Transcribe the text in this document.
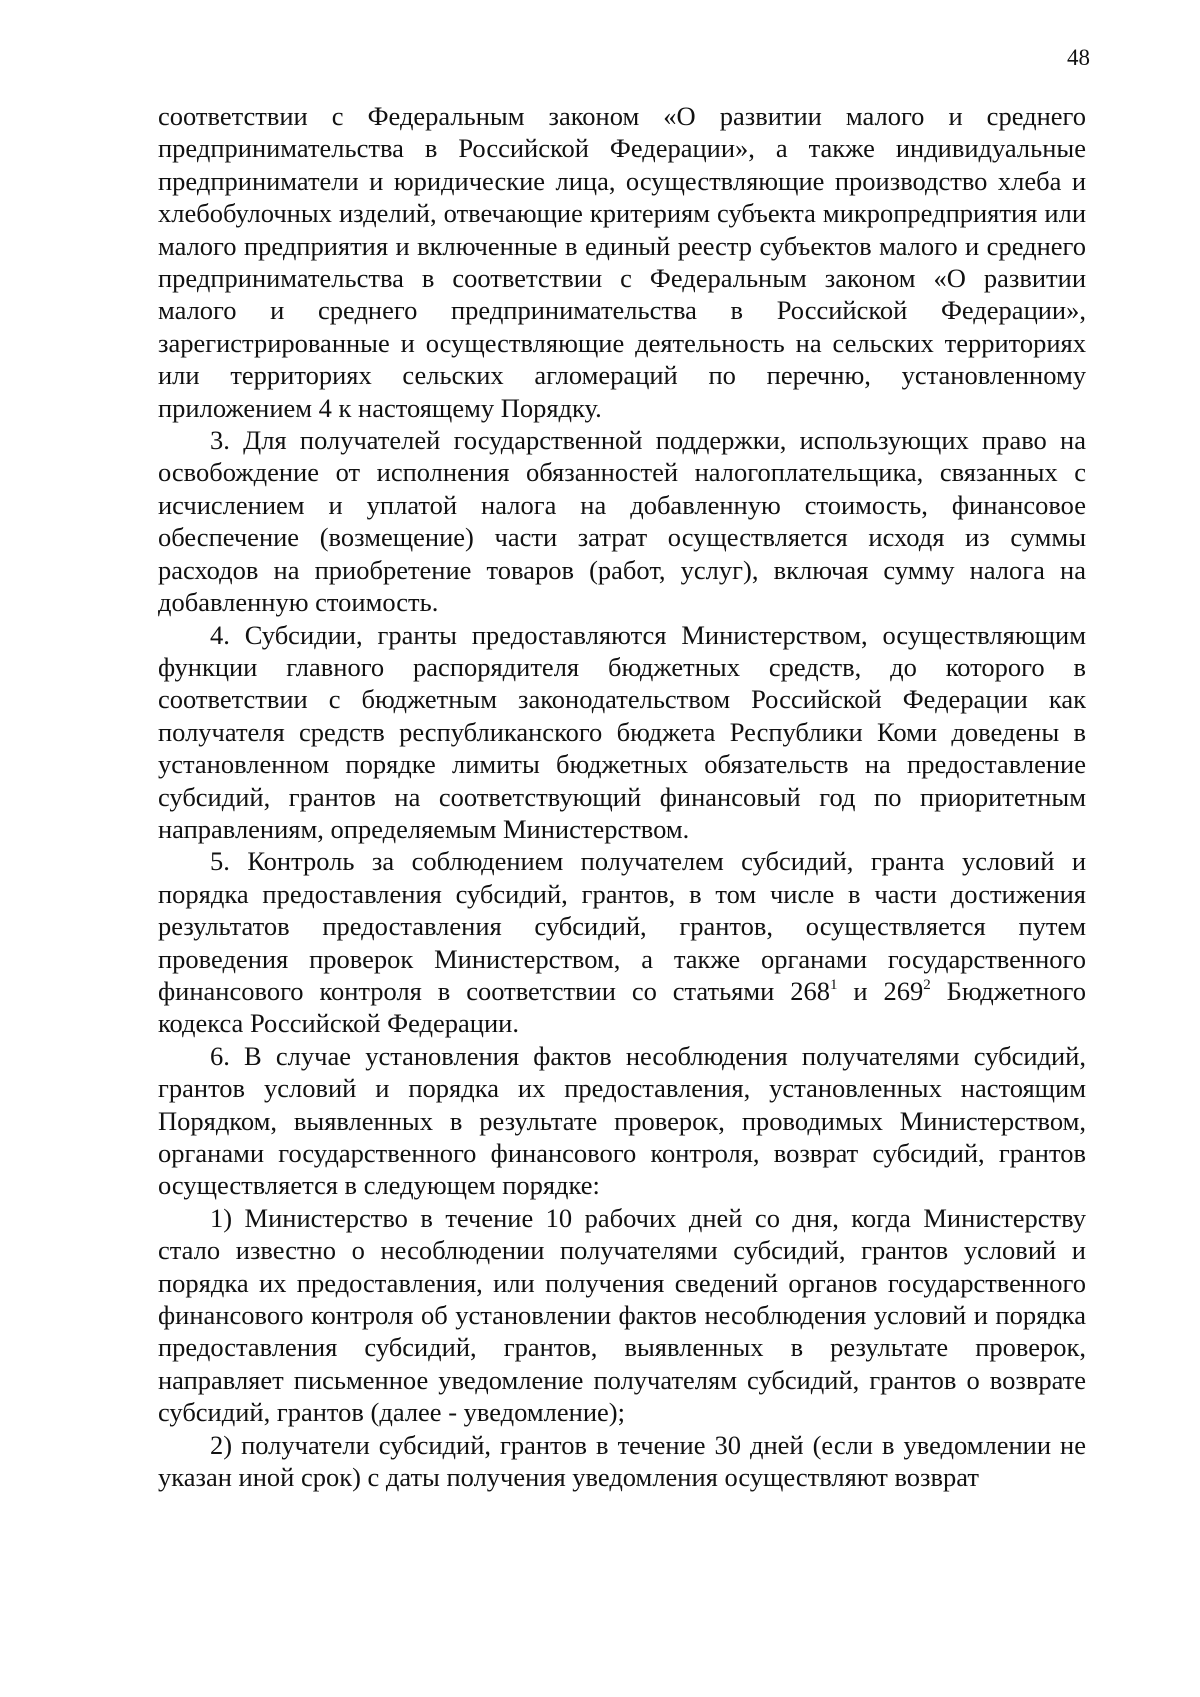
48

соответствии с Федеральным законом «О развитии малого и среднего предпринимательства в Российской Федерации», а также индивидуальные предприниматели и юридические лица, осуществляющие производство хлеба и хлебобулочных изделий, отвечающие критериям субъекта микропредприятия или малого предприятия и включенные в единый реестр субъектов малого и среднего предпринимательства в соответствии с Федеральным законом «О развитии малого и среднего предпринимательства в Российской Федерации», зарегистрированные и осуществляющие деятельность на сельских территориях или территориях сельских агломераций по перечню, установленному приложением 4 к настоящему Порядку.

3. Для получателей государственной поддержки, использующих право на освобождение от исполнения обязанностей налогоплательщика, связанных с исчислением и уплатой налога на добавленную стоимость, финансовое обеспечение (возмещение) части затрат осуществляется исходя из суммы расходов на приобретение товаров (работ, услуг), включая сумму налога на добавленную стоимость.

4. Субсидии, гранты предоставляются Министерством, осуществляющим функции главного распорядителя бюджетных средств, до которого в соответствии с бюджетным законодательством Российской Федерации как получателя средств республиканского бюджета Республики Коми доведены в установленном порядке лимиты бюджетных обязательств на предоставление субсидий, грантов на соответствующий финансовый год по приоритетным направлениям, определяемым Министерством.

5. Контроль за соблюдением получателем субсидий, гранта условий и порядка предоставления субсидий, грантов, в том числе в части достижения результатов предоставления субсидий, грантов, осуществляется путем проведения проверок Министерством, а также органами государственного финансового контроля в соответствии со статьями $268^1$ и $269^2$ Бюджетного кодекса Российской Федерации.

6. В случае установления фактов несоблюдения получателями субсидий, грантов условий и порядка их предоставления, установленных настоящим Порядком, выявленных в результате проверок, проводимых Министерством, органами государственного финансового контроля, возврат субсидий, грантов осуществляется в следующем порядке:

1) Министерство в течение 10 рабочих дней со дня, когда Министерству стало известно о несоблюдении получателями субсидий, грантов условий и порядка их предоставления, или получения сведений органов государственного финансового контроля об установлении фактов несоблюдения условий и порядка предоставления субсидий, грантов, выявленных в результате проверок, направляет письменное уведомление получателям субсидий, грантов о возврате субсидий, грантов (далее - уведомление);

2) получатели субсидий, грантов в течение 30 дней (если в уведомлении не указан иной срок) с даты получения уведомления осуществляют возврат
